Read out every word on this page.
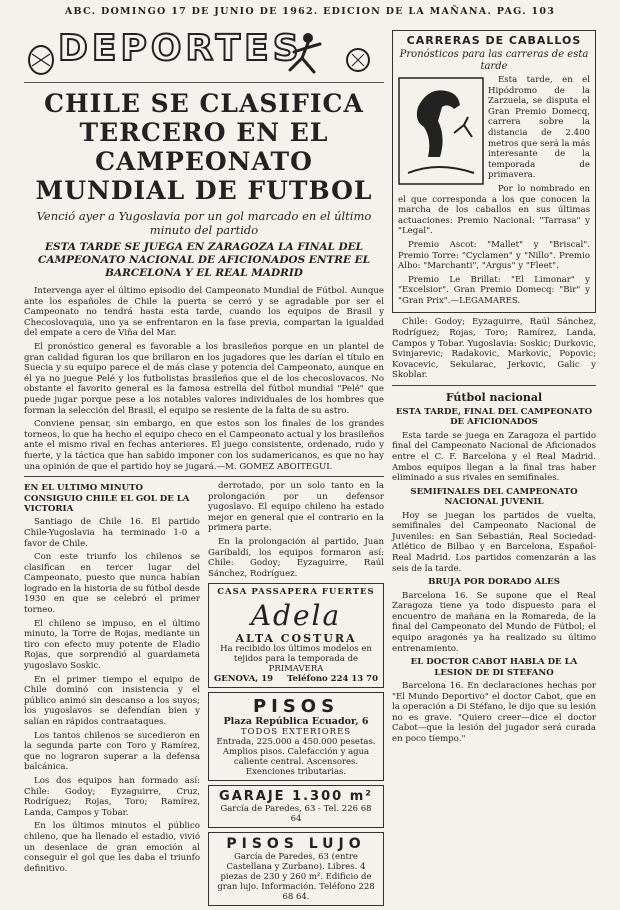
ABC. DOMINGO 17 DE JUNIO DE 1962. EDICION DE LA MAÑANA. PAG. 103
DEPORTES
CHILE SE CLASIFICA TERCERO EN EL CAMPEONATO MUNDIAL DE FUTBOL
Venció ayer a Yugoslavia por un gol marcado en el último minuto del partido
ESTA TARDE SE JUEGA EN ZARAGOZA LA FINAL DEL CAMPEONATO NACIONAL DE AFICIONADOS ENTRE EL BARCELONA Y EL REAL MADRID

Intervenga ayer el último episodio del Campeonato Mundial de Fútbol. Aunque ante los españoles de Chile la puerta se cerró y se agradable por ser el Campeonato no tendrá hasta esta tarde, cuando los equipos de Brasil y Checoslovaquia, uno ya se enfrentaron en la fase previa, compartan la igualdad del empate a cero de Viña del Mar.

El pronóstico general es favorable a los brasileños porque en un plantel de gran calidad figuran los que brillaron en los jugadores que les darían el título en Suecia y su equipo parece el de más clase y potencia del Campeonato, aunque en él ya no juegue Pelé y los futbolistas brasileños que el de los checoslovacos. No obstante el favorito general es la famosa estrella del fútbol mundial "Pelé" que puede jugar porque pese a los notables valores individuales de los hombres que forman la selección del Brasil, el equipo se resiente de la falta de su astro.

Conviene pensar, sin embargo, en que estos son los finales de los grandes torneos, lo que ha hecho el equipo checo en el Campeonato actual y los brasileños ante el mismo rival en fechas anteriores. El juego consistente, ordenado, rudo y fuerte, y la táctica que han sabido imponer con los sudamericanos, es que no hay una opinión de que el partido hoy se jugará.—M. GOMEZ ABOITEGUI.

EN EL ULTIMO MINUTO CONSIGUIO CHILE EL GOL DE LA VICTORIA

Santiago de Chile 16. El partido Chile-Yugoslavia ha terminado 1-0 a favor de Chile.

Con este triunfo los chilenos se clasifican en tercer lugar del Campeonato, puesto que nunca habían logrado en la historia de su fútbol desde 1930 en que se celebró el primer torneo.

El chileno se impuso, en el último minuto, la Torre de Rojas, mediante un tiro con efecto muy potente de Eladio Rojas, que sorprendió al guardameta yugoslavo Soskic.

En el primer tiempo el equipo de Chile dominó con insistencia y el público animó sin descanso a los suyos; los yugoslavos se defendían bien y salían en rápidos contraataques.

Los tantos chilenos se sucedieron en la segunda parte con Toro y Ramírez, que no lograron superar a la defensa balcánica.

Los dos equipos han formado así: Chile: Godoy; Eyzaguirre, Cruz, Rodríguez; Rojas, Toro; Ramírez, Landa, Campos y Tobar.

En los últimos minutos el público chileno, que ha llenado el estadio, vivió un desenlace de gran emoción al conseguir el gol que les daba el triunfo definitivo.

derrotado, por un solo tanto en la prolongación por un defensor yugoslavo. El equipo chileno ha estado mejor en general que el contrario en la primera parte.

En la prolongación al partido, Juan Garibaldi, los equipos formaron así: Chile: Godoy; Eyzaguirre, Raúl Sánchez, Rodríguez.

CASA PASSAPERA FUERTES
Adela
ALTA COSTURA
Ha recibido los últimos modelos en tejidos para la temporada de PRIMAVERA
GENOVA, 19 Teléfono 224 13 70
PISOS
Plaza República Ecuador, 6
TODOS EXTERIORES
Entrada, 225.000 a 450.000 pesetas. Amplios pisos. Calefacción y agua caliente central. Ascensores. Exenciones tributarias.
GARAJE 1.300 m²
García de Paredes, 63 - Tel. 226 68 64
PISOS LUJO
García de Paredes, 63 (entre Castellana y Zurbano). Libres. 4 piezas de 230 y 260 m². Edificio de gran lujo. Información. Teléfono 228 68 64.
CARRERAS DE CABALLOS
Pronósticos para las carreras de esta tarde

Esta tarde, en el Hipódromo de la Zarzuela, se disputa el Gran Premio Domecq, carrera sobre la distancia de 2.400 metros que será la más interesante de la temporada de primavera.

Por lo nombrado en el que corresponda a los que conocen la marcha de los caballos en sus últimas actuaciones: Premio Nacional: "Tarrasa" y "Legal".

Premio Ascot: "Mallet" y "Briscal". Premio Torre: "Cyclamen" y "Nillo". Premio Albo: "Marchanti", "Argus" y "Fleet".

Premio Le Brillat: "El Limonar" y "Excelsior". Gran Premio Domecq: "Bir" y "Gran Prix".—LEGAMARES.

Chile: Godoy; Eyzaguirre, Raúl Sánchez, Rodríguez; Rojas, Toro; Ramírez, Landa, Campos y Tobar. Yugoslavia: Soskic; Durkovic, Svinjarevic; Radakovic, Markovic, Popovic; Kovacevic, Sekularac, Jerkovic, Galic y Skoblar.

Fútbol nacional
ESTA TARDE, FINAL DEL CAMPEONATO DE AFICIONADOS

Esta tarde se juega en Zaragoza el partido final del Campeonato Nacional de Aficionados entre el C. F. Barcelona y el Real Madrid. Ambos equipos llegan a la final tras haber eliminado a sus rivales en semifinales.

SEMIFINALES DEL CAMPEONATO NACIONAL JUVENIL

Hoy se juegan los partidos de vuelta, semifinales del Campeonato Nacional de Juveniles: en San Sebastián, Real Sociedad-Atlético de Bilbao y en Barcelona, Español-Real Madrid. Los partidos comenzarán a las seis de la tarde.

BRUJA POR DORADO ALES

Barcelona 16. Se supone que el Real Zaragoza tiene ya todo dispuesto para el encuentro de mañana en la Romareda, de la final del Campeonato del Mundo de Fútbol; el equipo aragonés ya ha realizado su último entrenamiento.

EL DOCTOR CABOT HABLA DE LA LESION DE DI STEFANO

Barcelona 16. En declaraciones hechas por "El Mundo Deportivo" el doctor Cabot, que en la operación a Di Stéfano, le dijo que su lesión no es grave. "Quiero creer—dice el doctor Cabot—que la lesión del jugador será curada en poco tiempo."
